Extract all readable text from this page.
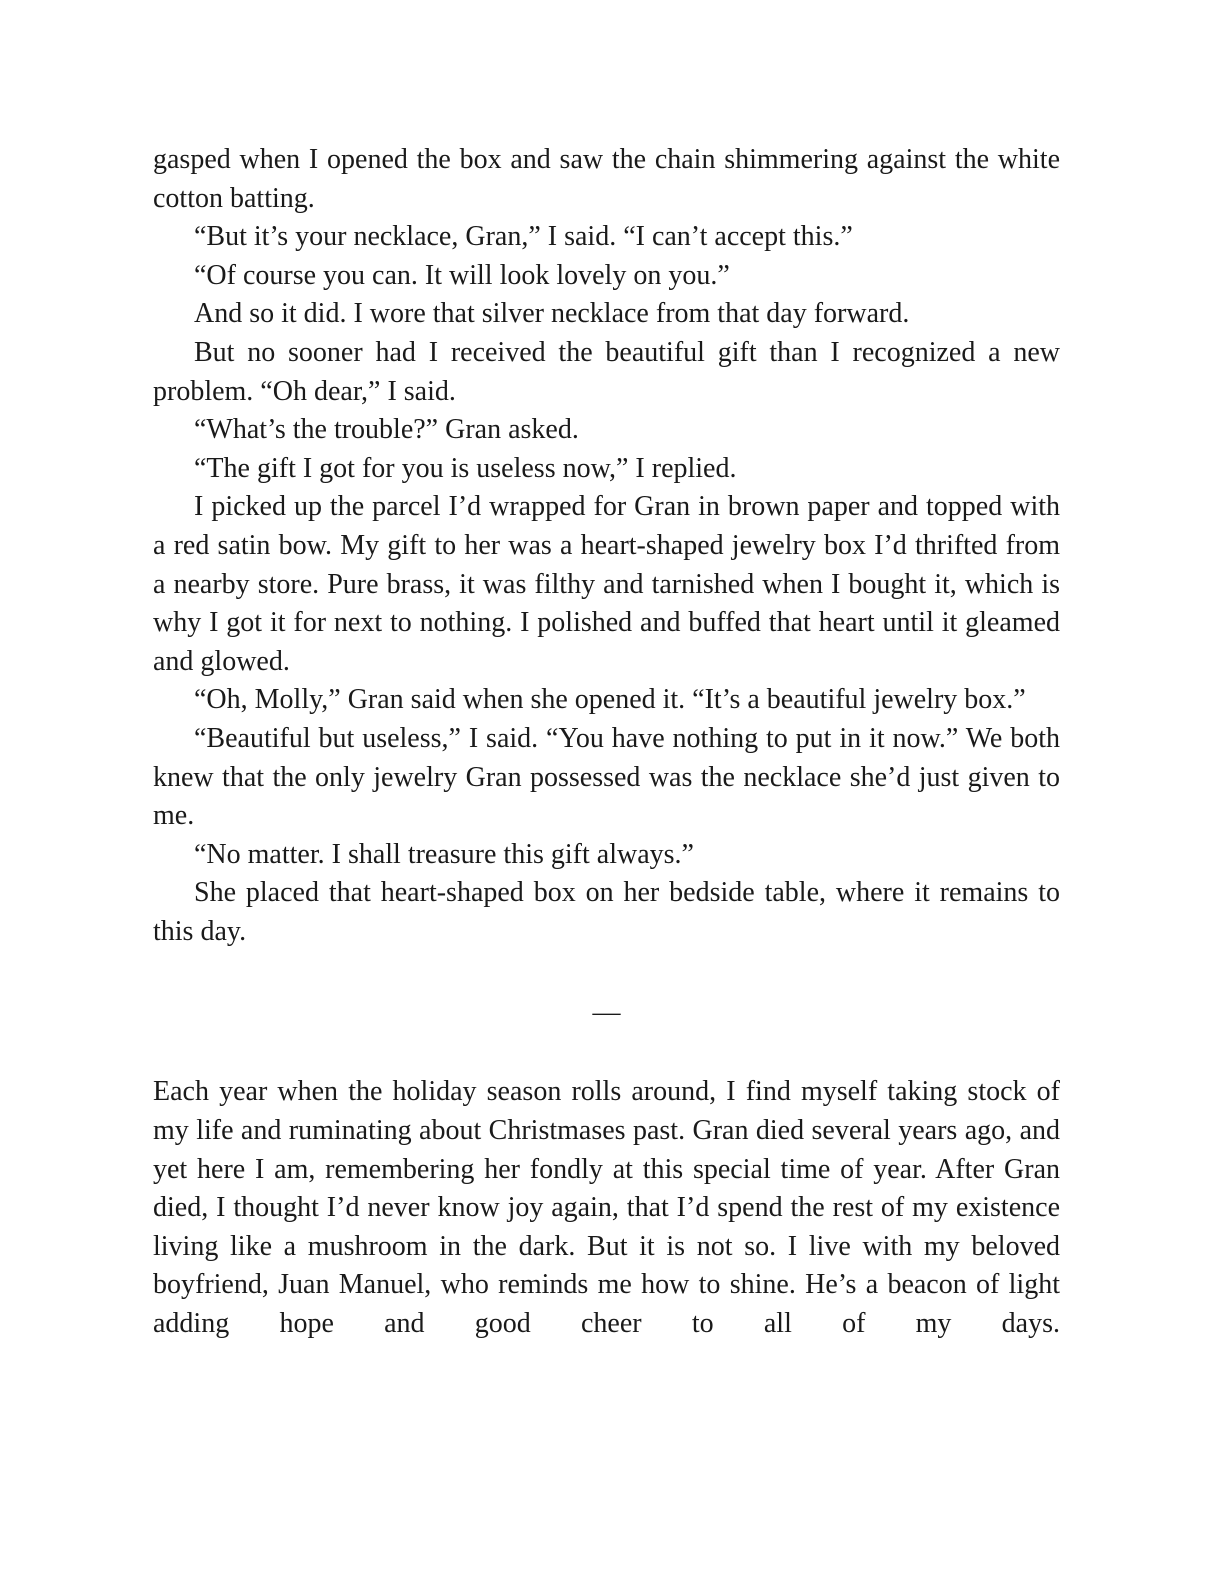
gasped when I opened the box and saw the chain shimmering against the white cotton batting.

“But it’s your necklace, Gran,” I said. “I can’t accept this.”

“Of course you can. It will look lovely on you.”

And so it did. I wore that silver necklace from that day forward.

But no sooner had I received the beautiful gift than I recognized a new problem. “Oh dear,” I said.

“What’s the trouble?” Gran asked.

“The gift I got for you is useless now,” I replied.

I picked up the parcel I’d wrapped for Gran in brown paper and topped with a red satin bow. My gift to her was a heart-shaped jewelry box I’d thrifted from a nearby store. Pure brass, it was filthy and tarnished when I bought it, which is why I got it for next to nothing. I polished and buffed that heart until it gleamed and glowed.

“Oh, Molly,” Gran said when she opened it. “It’s a beautiful jewelry box.”

“Beautiful but useless,” I said. “You have nothing to put in it now.” We both knew that the only jewelry Gran possessed was the necklace she’d just given to me.

“No matter. I shall treasure this gift always.”

She placed that heart-shaped box on her bedside table, where it remains to this day.

—

Each year when the holiday season rolls around, I find myself taking stock of my life and ruminating about Christmases past. Gran died several years ago, and yet here I am, remembering her fondly at this special time of year. After Gran died, I thought I’d never know joy again, that I’d spend the rest of my existence living like a mushroom in the dark. But it is not so. I live with my beloved boyfriend, Juan Manuel, who reminds me how to shine. He’s a beacon of light adding hope and good cheer to all of my days.
